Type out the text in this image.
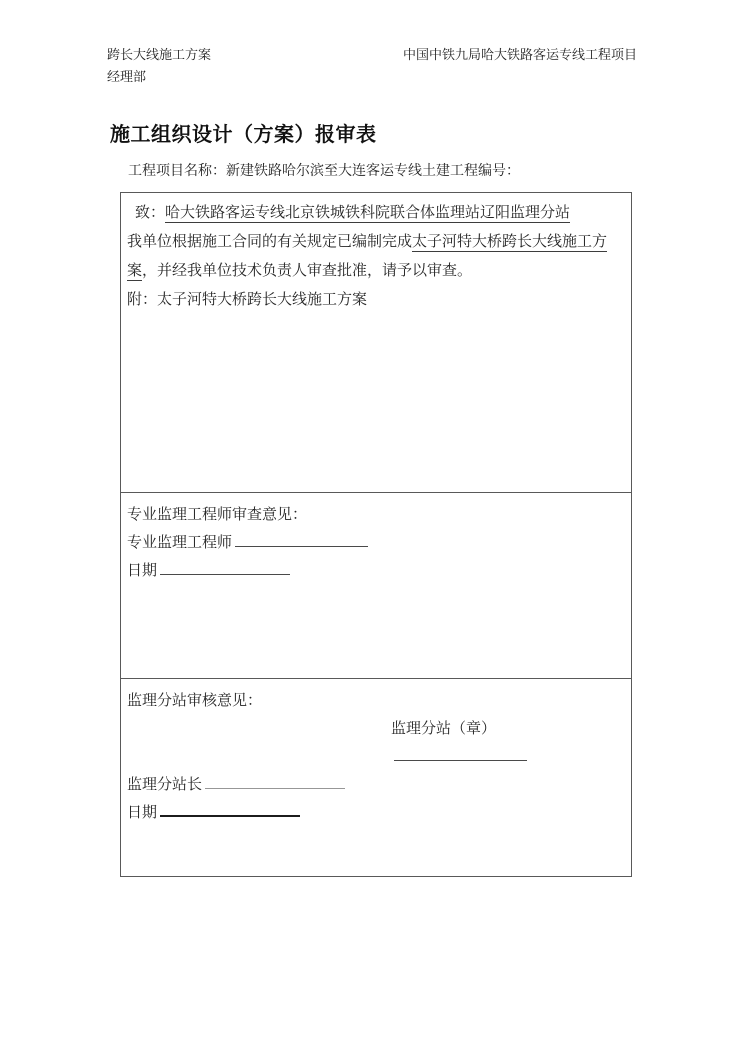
跨长大线施工方案
经理部
中国中铁九局哈大铁路客运专线工程项目
施工组织设计（方案）报审表
工程项目名称：新建铁路哈尔滨至大连客运专线土建工程编号：

致：哈大铁路客运专线北京铁城铁科院联合体监理站辽阳监理分站

我单位根据施工合同的有关规定已编制完成太子河特大桥跨长大线施工方案，并经我单位技术负责人审查批准，请予以审查。

附：太子河特大桥跨长大线施工方案

专业监理工程师审查意见：

专业监理工程师

日期

监理分站审核意见：

监理分站（章）

监理分站长

日期
